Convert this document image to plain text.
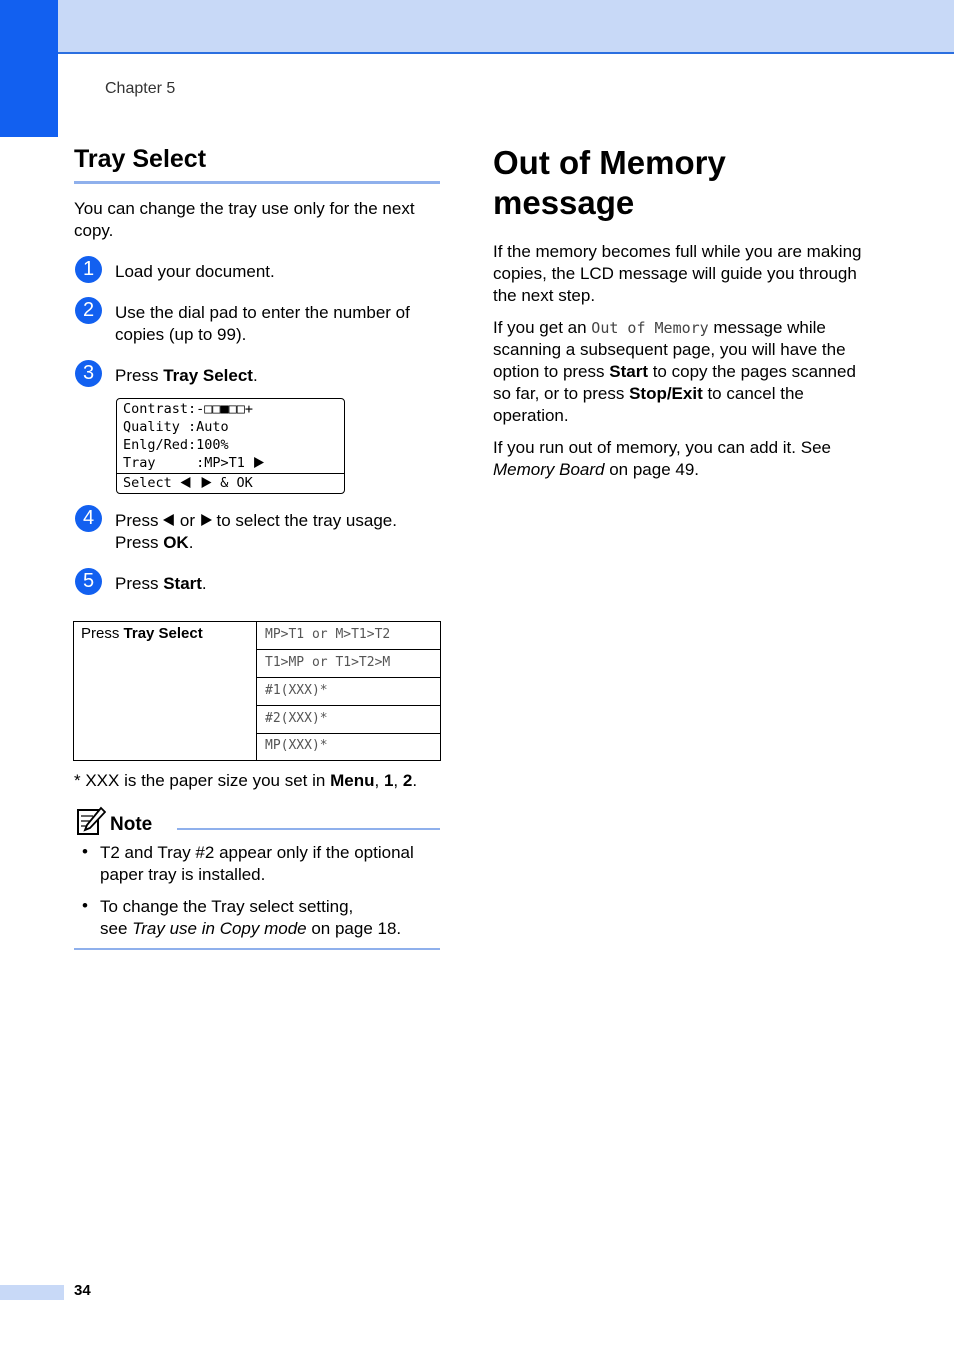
Chapter 5
Tray Select
You can change the tray use only for the next copy.
1	Load your document.
2	Use the dial pad to enter the number of copies (up to 99).
3	Press Tray Select.
Contrast:-□□■□□+
Quality :Auto
Enlg/Red:100%
Tray     :MP>T1
Select	& OK
4	Press  or  to select the tray usage.
Press OK.
5	Press Start.
Press Tray Select	MP>T1 or M>T1>T2
T1>MP or T1>T2>M
#1(XXX)*
#2(XXX)*
MP(XXX)*
* XXX is the paper size you set in Menu, 1, 2.
Note
• T2 and Tray #2 appear only if the optional paper tray is installed.
• To change the Tray select setting,
see Tray use in Copy mode on page 18.
Out of Memory
message
If the memory becomes full while you are making copies, the LCD message will guide you through the next step.
If you get an Out of Memory message while scanning a subsequent page, you will have the option to press Start to copy the pages scanned so far, or to press Stop/Exit to cancel the operation.
If you run out of memory, you can add it. See Memory Board on page 49.
34
